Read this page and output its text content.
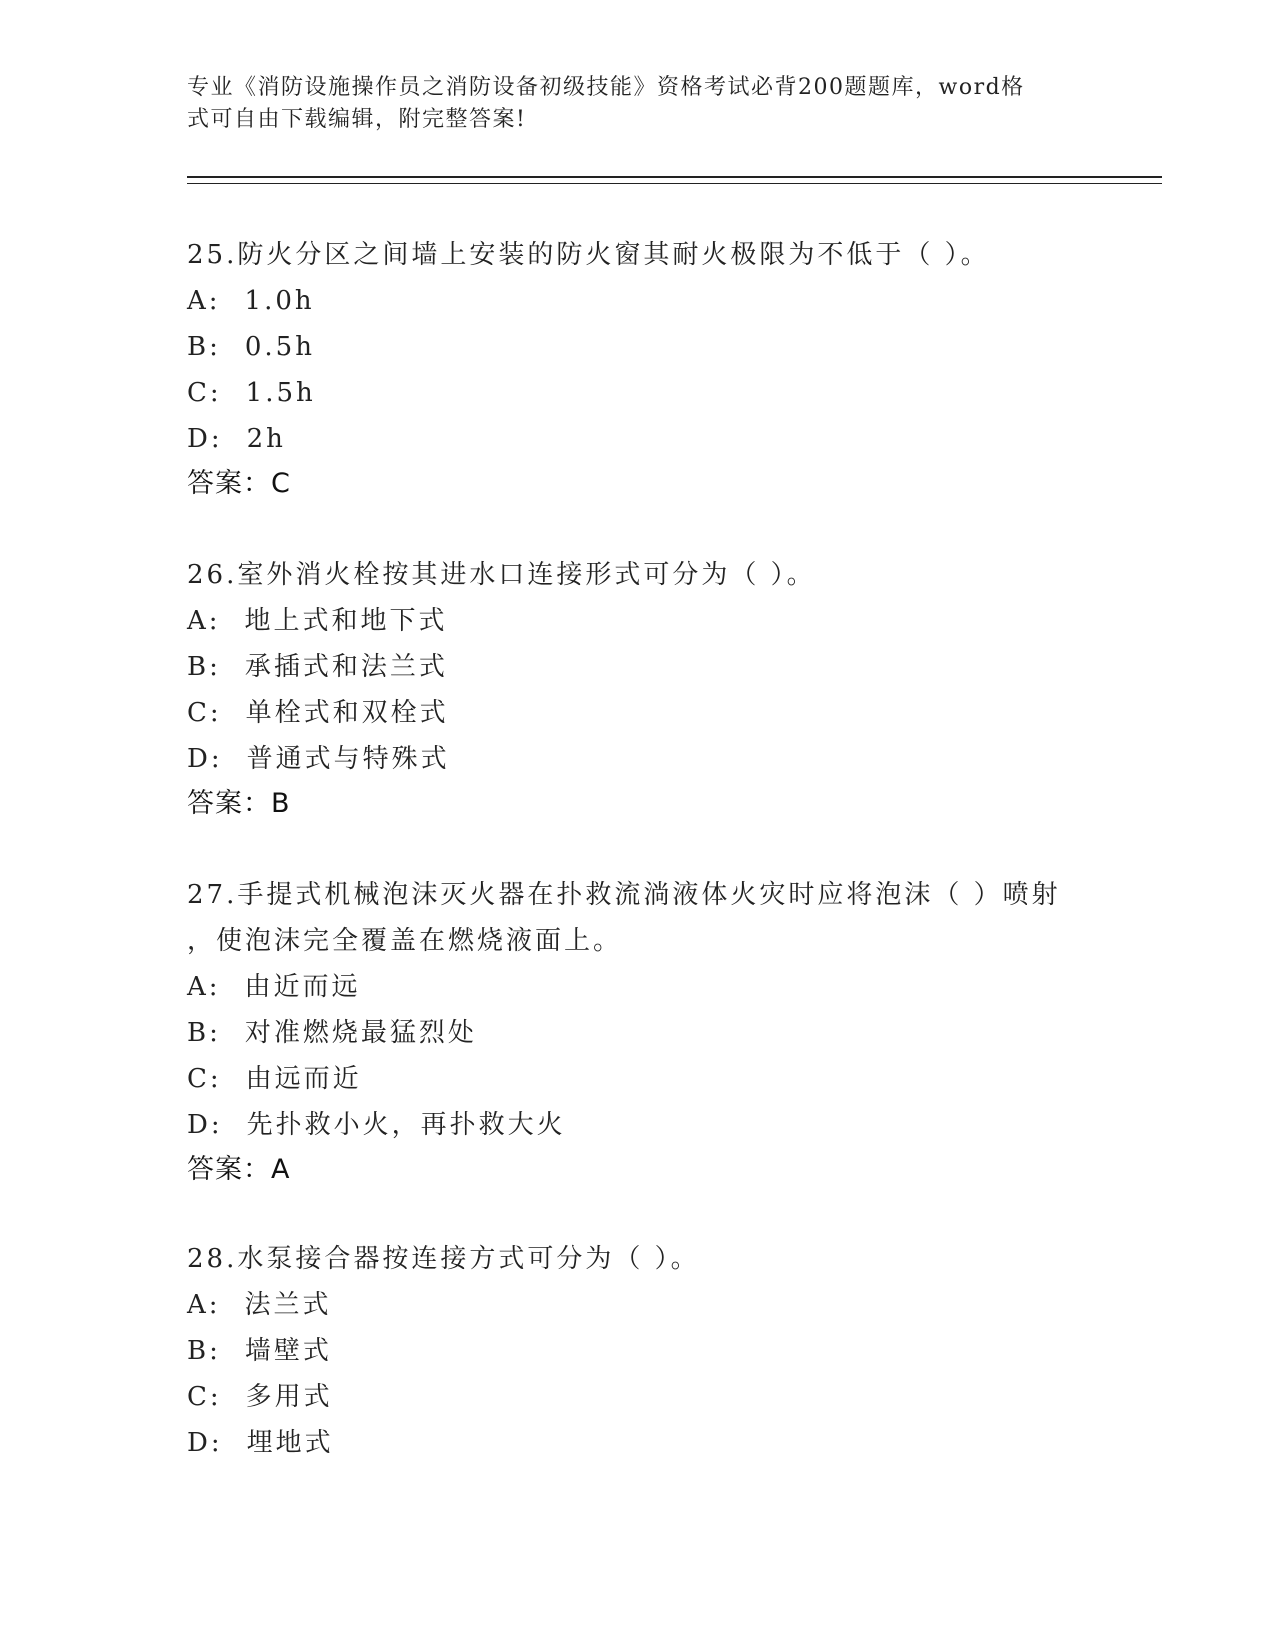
专业《消防设施操作员之消防设备初级技能》资格考试必背200题题库，word格
式可自由下载编辑，附完整答案!

25.防火分区之间墙上安装的防火窗其耐火极限为不低于（ ）。

A: 1.0h

B: 0.5h

C: 1.5h

D: 2h

答案：C

26.室外消火栓按其进水口连接形式可分为（ ）。

A: 地上式和地下式

B: 承插式和法兰式

C: 单栓式和双栓式

D: 普通式与特殊式

答案：B

27.手提式机械泡沫灭火器在扑救流淌液体火灾时应将泡沫（ ）喷射

，使泡沫完全覆盖在燃烧液面上。

A: 由近而远

B: 对准燃烧最猛烈处

C: 由远而近

D: 先扑救小火，再扑救大火

答案：A

28.水泵接合器按连接方式可分为（ ）。

A: 法兰式

B: 墙壁式

C: 多用式

D: 埋地式
